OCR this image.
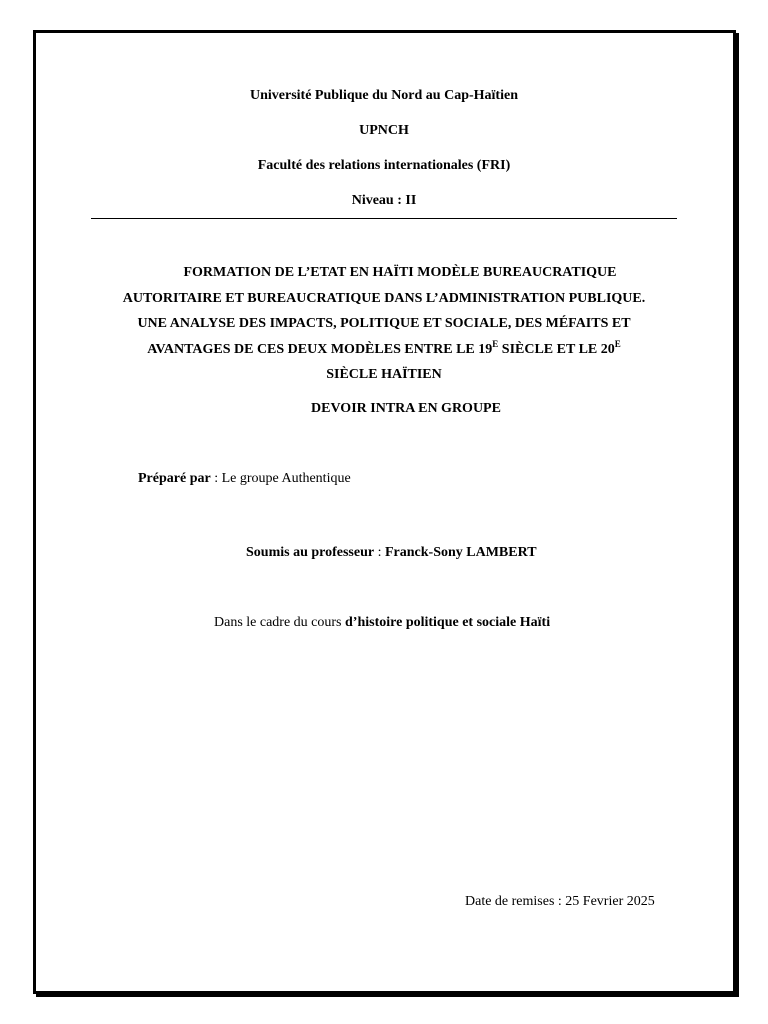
Université Publique du Nord au Cap-Haïtien
UPNCH
Faculté des relations internationales (FRI)
Niveau : II
FORMATION DE L’ETAT EN HAÏTI MODÈLE BUREAUCRATIQUE
AUTORITAIRE ET BUREAUCRATIQUE DANS L’ADMINISTRATION PUBLIQUE.
UNE ANALYSE DES IMPACTS, POLITIQUE ET SOCIALE, DES MÉFAITS ET
AVANTAGES DE CES DEUX MODÈLES ENTRE LE $19^E$ SIÈCLE ET LE $20^E$
SIÈCLE HAÏTIEN
DEVOIR INTRA EN GROUPE
Préparé par : Le groupe Authentique
Soumis au professeur : Franck-Sony LAMBERT
Dans le cadre du cours d’histoire politique et sociale Haïti
Date de remises : 25 Fevrier 2025
